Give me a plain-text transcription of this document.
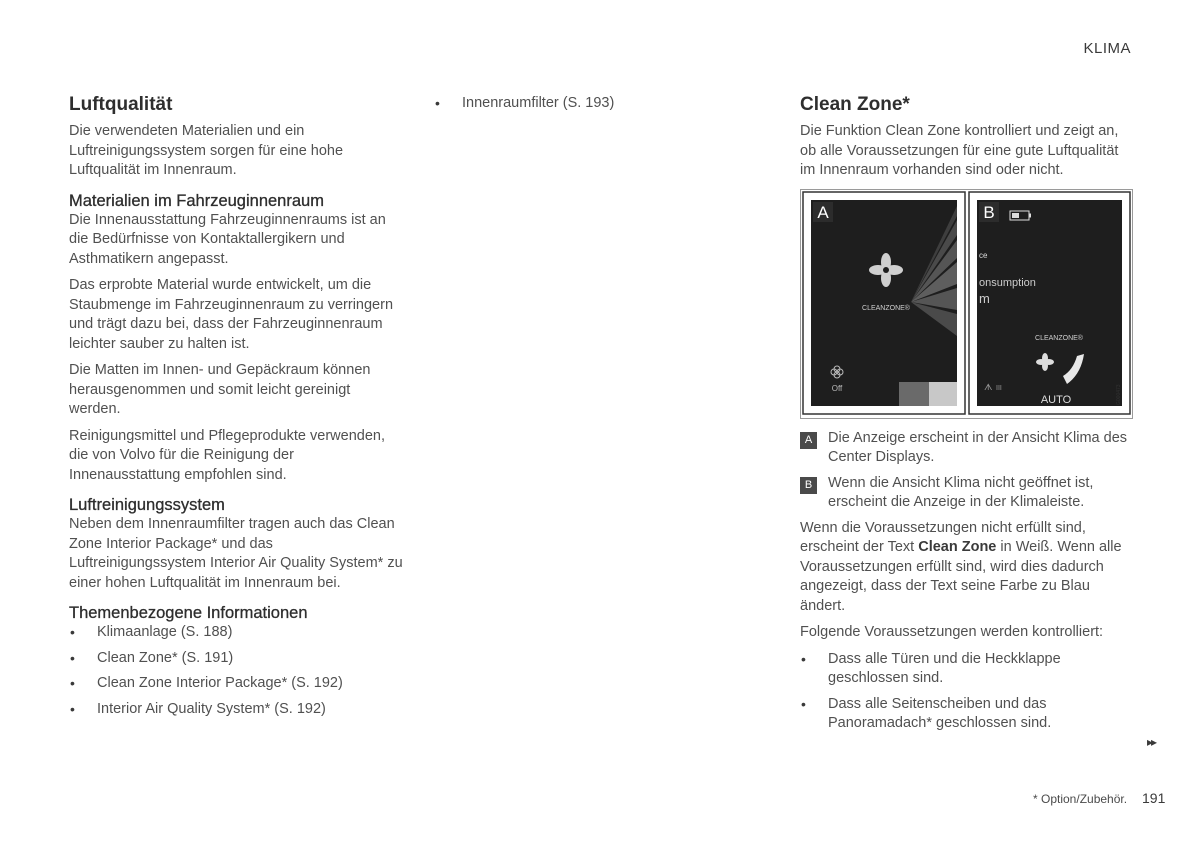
KLIMA
Luftqualität

Die verwendeten Materialien und ein Luftreinigungssystem sorgen für eine hohe Luftqualität im Innenraum.

Materialien im Fahrzeuginnenraum

Die Innenausstattung Fahrzeuginnenraums ist an die Bedürfnisse von Kontaktallergikern und Asthmatikern angepasst.

Das erprobte Material wurde entwickelt, um die Staubmenge im Fahrzeuginnenraum zu verringern und trägt dazu bei, dass der Fahrzeuginnenraum leichter sauber zu halten ist.

Die Matten im Innen- und Gepäckraum können herausgenommen und somit leicht gereinigt werden.

Reinigungsmittel und Pflegeprodukte verwenden, die von Volvo für die Reinigung der Innenausstattung empfohlen sind.

Luftreinigungssystem

Neben dem Innenraumfilter tragen auch das Clean Zone Interior Package* und das Luftreinigungssystem Interior Air Quality System* zu einer hohen Luftqualität im Innenraum bei.

Themenbezogene Informationen
• Klimaanlage (S. 188)
• Clean Zone* (S. 191)
• Clean Zone Interior Package* (S. 192)
• Interior Air Quality System* (S. 192)
• Innenraumfilter (S. 193)	Clean Zone*

Die Funktion Clean Zone kontrolliert und zeigt an, ob alle Voraussetzungen für eine gute Luftqualität im Innenraum vorhanden sind oder nicht.

A
CLEANZONE®
Off
B
ce
onsumption
m
CLEANZONE®
AUTO
ᗑ III	G000473
A	Die Anzeige erscheint in der Ansicht Klima des Center Displays.
B	Wenn die Ansicht Klima nicht geöffnet ist, erscheint die Anzeige in der Klimaleiste.

Wenn die Voraussetzungen nicht erfüllt sind, erscheint der Text Clean Zone in Weiß. Wenn alle Voraussetzungen erfüllt sind, wird dies dadurch angezeigt, dass der Text seine Farbe zu Blau ändert.

Folgende Voraussetzungen werden kontrolliert:

• Dass alle Türen und die Heckklappe geschlossen sind.
• Dass alle Seitenscheiben und das Panoramadach* geschlossen sind.
▸▸
* Option/Zubehör. 191
